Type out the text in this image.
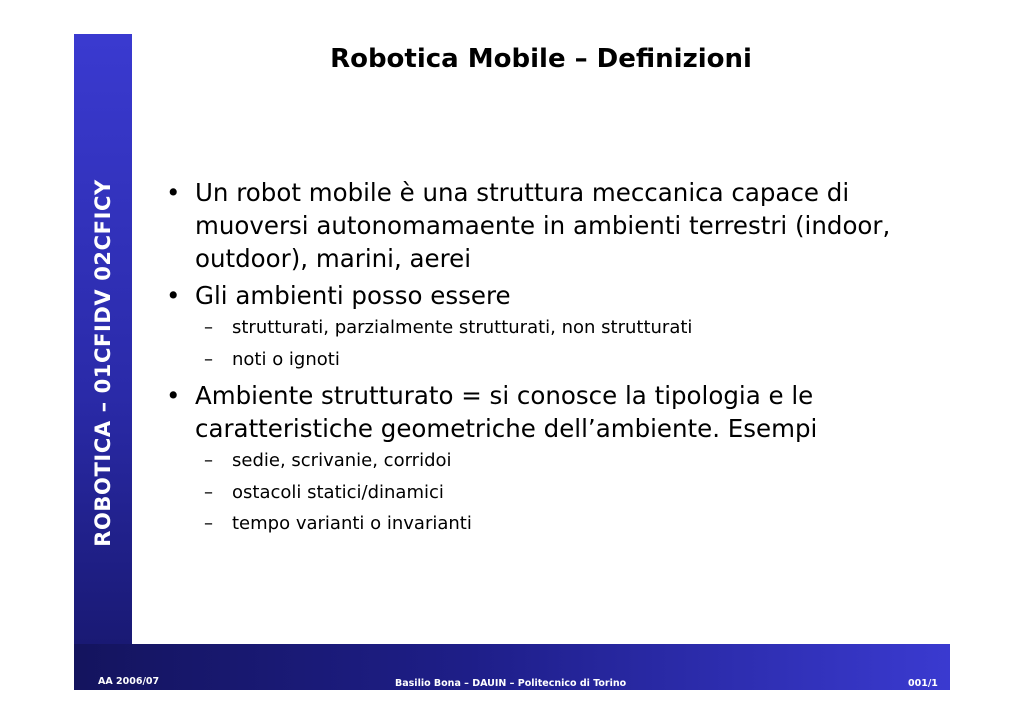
ROBOTICA – 01CFIDV 02CFICY
Robotica Mobile – Definizioni
• Un robot mobile è una struttura meccanica capace di muoversi autonomamaente in ambienti terrestri (indoor, outdoor), marini, aerei
• Gli ambienti posso essere
–	strutturati, parzialmente strutturati, non strutturati
–	noti o ignoti
• Ambiente strutturato = si conosce la tipologia e le caratteristiche geometriche dell’ambiente. Esempi
–	sedie, scrivanie, corridoi
–	ostacoli statici/dinamici
–	tempo varianti o invarianti
AA 2006/07	Basilio Bona – DAUIN – Politecnico di Torino	001/1
